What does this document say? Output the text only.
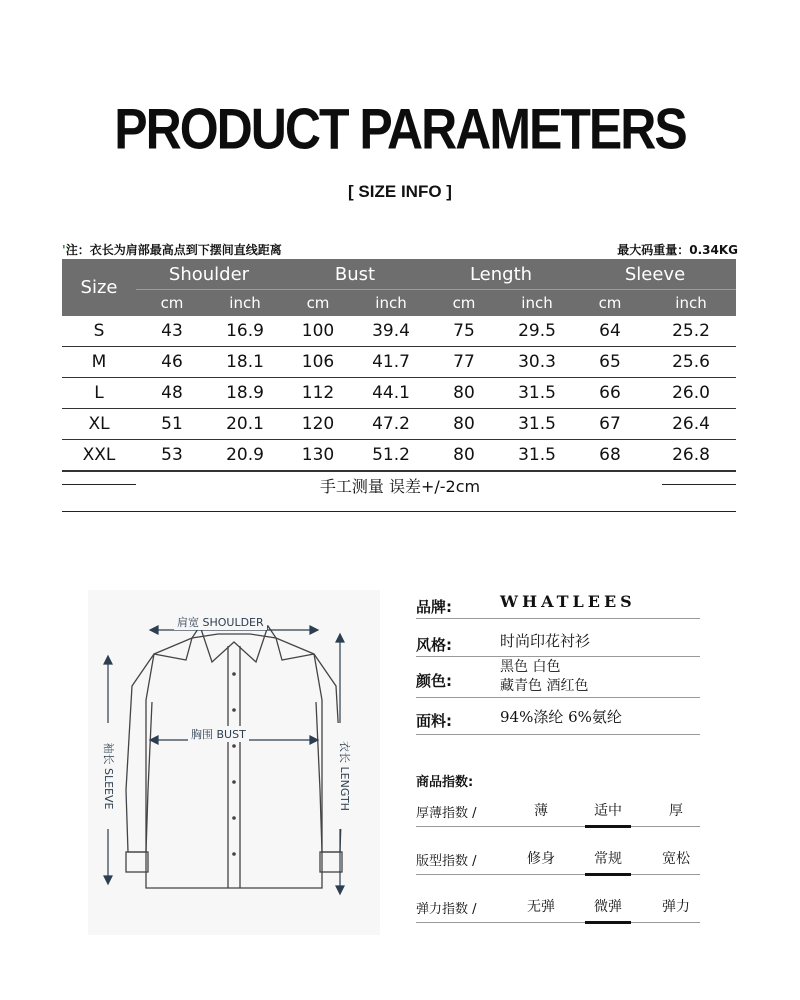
PRODUCT PARAMETERS
[ SIZE INFO ]
'注：衣长为肩部最高点到下摆间直线距离	最大码重量：0.34KG
Size	Shoulder		Bust		Length		Sleeve	
	cm	inch	cm	inch	cm	inch	cm	inch
S	43	16.9	100	39.4	75	29.5	64	25.2
M	46	18.1	106	41.7	77	30.3	65	25.6
L	48	18.9	112	44.1	80	31.5	66	26.0
XL	51	20.1	120	47.2	80	31.5	67	26.4
XXL	53	20.9	130	51.2	80	31.5	68	26.8
手工测量 误差+/-2cm
肩宽 SHOULDER
胸围 BUST
袖长 SLEEVE	衣长 LENGTH
品牌:	WHATLEES
风格:	时尚印花衬衫
颜色:
黑色 白色
藏青色 酒红色
面料:	94%涤纶 6%氨纶
商品指数:
厚薄指数 /	薄	适中	厚
版型指数 /	修身	常规	宽松
弹力指数 /	无弹	微弹	弹力
